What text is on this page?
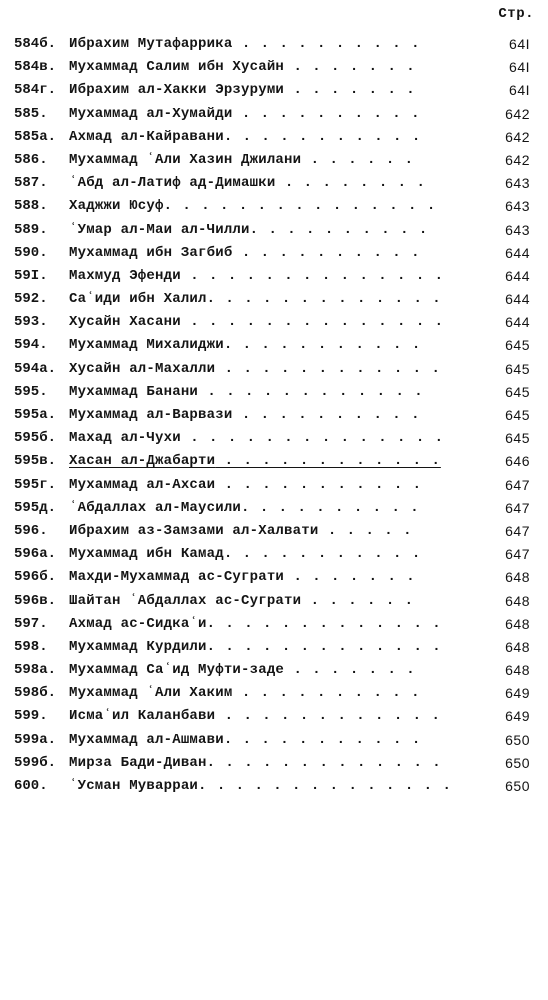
Стр.
584б. Ибрахим Мутафаррика . . . . . . . . . .	64I
584в. Мухаммад Салим ибн Хусайн . . . . . . .	64I
584г. Ибрахим ал-Хакки Эрзуруми . . . . . . .	64I
585. Мухаммад ал-Хумайди . . . . . . . . . .	642
585а. Ахмад ал-Кайравани. . . . . . . . . . .	642
586. Мухаммад ʿАли Хазин Джилани . . . . . .	642
587. ʿАбд ал-Латиф ад-Димашки . . . . . . . .	643
588. Хаджжи Юсуф. . . . . . . . . . . . . . .	643
589. ʿУмар ал-Маи ал-Чилли. . . . . . . . . .	643
590. Мухаммад ибн Загбиб . . . . . . . . . .	644
59I. Махмуд Эфенди . . . . . . . . . . . . . .	644
592. Саʿиди ибн Халил. . . . . . . . . . . . .	644
593. Хусайн Хасани . . . . . . . . . . . . . .	644
594. Мухаммад Михалиджи. . . . . . . . . . .	645
594а. Хусайн ал-Махалли . . . . . . . . . . . .	645
595. Мухаммад Банани . . . . . . . . . . . .	645
595а. Мухаммад ал-Варвази . . . . . . . . . .	645
595б. Махад ал-Чухи . . . . . . . . . . . . . .	645
595в. Хасан ал-Джабарти . . . . . . . . . . . .	646
595г. Мухаммад ал-Ахсаи . . . . . . . . . . .	647
595д. ʿАбдаллах ал-Маусили. . . . . . . . . .	647
596. Ибрахим аз-Замзами ал-Халвати . . . . .	647
596а. Мухаммад ибн Камад. . . . . . . . . . .	647
596б. Махди-Мухаммад ас-Суграти . . . . . . .	648
596в. Шайтан ʿАбдаллах ас-Суграти . . . . . .	648
597. Ахмад ас-Сидкаʿи. . . . . . . . . . . . .	648
598. Мухаммад Курдили. . . . . . . . . . . . .	648
598а. Мухаммад Саʿид Муфти-заде . . . . . . .	648
598б. Мухаммад ʿАли Хаким . . . . . . . . . .	649
599. Исмаʿил Каланбави . . . . . . . . . . . .	649
599а. Мухаммад ал-Ашмави. . . . . . . . . . .	650
599б. Мирза Бади-Диван. . . . . . . . . . . . .	650
600. ʿУсман Муварраи. . . . . . . . . . . . . .	650
